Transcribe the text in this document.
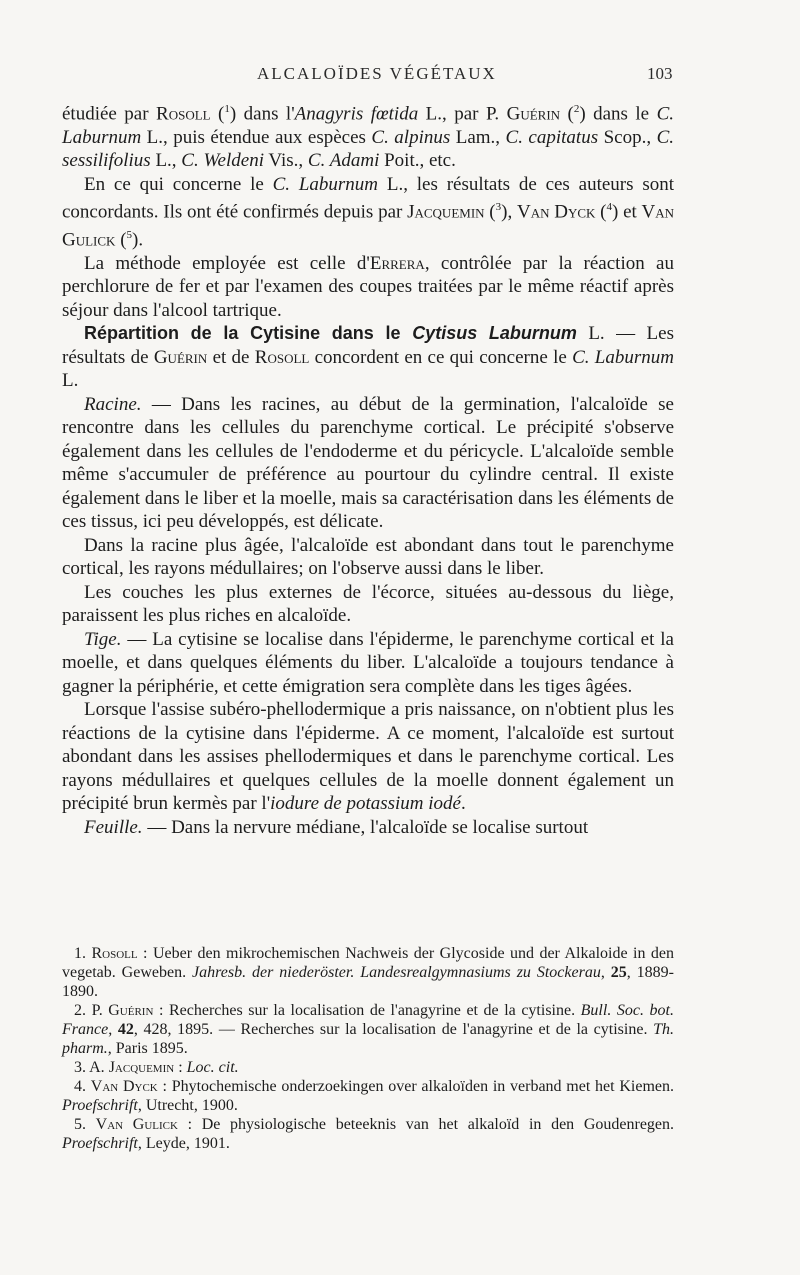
ALCALOÏDES VÉGÉTAUX	103

étudiée par Rosoll ($^1$) dans l'Anagyris fœtida L., par P. Guérin ($^2$) dans le C. Laburnum L., puis étendue aux espèces C. alpinus Lam., C. capitatus Scop., C. sessilifolius L., C. Weldeni Vis., C. Adami Poit., etc.

En ce qui concerne le C. Laburnum L., les résultats de ces auteurs sont concordants. Ils ont été confirmés depuis par Jacquemin ($^3$), Van Dyck ($^4$) et Van Gulick ($^5$).

La méthode employée est celle d'Errera, contrôlée par la réaction au perchlorure de fer et par l'examen des coupes traitées par le même réactif après séjour dans l'alcool tartrique.

Répartition de la Cytisine dans le Cytisus Laburnum L. — Les résultats de Guérin et de Rosoll concordent en ce qui concerne le C. Laburnum L.

Racine. — Dans les racines, au début de la germination, l'alcaloïde se rencontre dans les cellules du parenchyme cortical. Le précipité s'observe également dans les cellules de l'endoderme et du péricycle. L'alcaloïde semble même s'accumuler de préférence au pourtour du cylindre central. Il existe également dans le liber et la moelle, mais sa caractérisation dans les éléments de ces tissus, ici peu développés, est délicate.

Dans la racine plus âgée, l'alcaloïde est abondant dans tout le parenchyme cortical, les rayons médullaires; on l'observe aussi dans le liber.

Les couches les plus externes de l'écorce, situées au-dessous du liège, paraissent les plus riches en alcaloïde.

Tige. — La cytisine se localise dans l'épiderme, le parenchyme cortical et la moelle, et dans quelques éléments du liber. L'alcaloïde a toujours tendance à gagner la périphérie, et cette émigration sera complète dans les tiges âgées.

Lorsque l'assise subéro-phellodermique a pris naissance, on n'obtient plus les réactions de la cytisine dans l'épiderme. A ce moment, l'alcaloïde est surtout abondant dans les assises phellodermiques et dans le parenchyme cortical. Les rayons médullaires et quelques cellules de la moelle donnent également un précipité brun kermès par l'iodure de potassium iodé.

Feuille. — Dans la nervure médiane, l'alcaloïde se localise surtout

1. Rosoll : Ueber den mikrochemischen Nachweis der Glycoside und der Alkaloide in den vegetab. Geweben. Jahresb. der niederöster. Landesrealgymnasiums zu Stockerau, 25, 1889-1890.

2. P. Guérin : Recherches sur la localisation de l'anagyrine et de la cytisine. Bull. Soc. bot. France, 42, 428, 1895. — Recherches sur la localisation de l'anagyrine et de la cytisine. Th. pharm., Paris 1895.

3. A. Jacquemin : Loc. cit.

4. Van Dyck : Phytochemische onderzoekingen over alkaloïden in verband met het Kiemen. Proefschrift, Utrecht, 1900.

5. Van Gulick : De physiologische beteeknis van het alkaloïd in den Goudenregen. Proefschrift, Leyde, 1901.
